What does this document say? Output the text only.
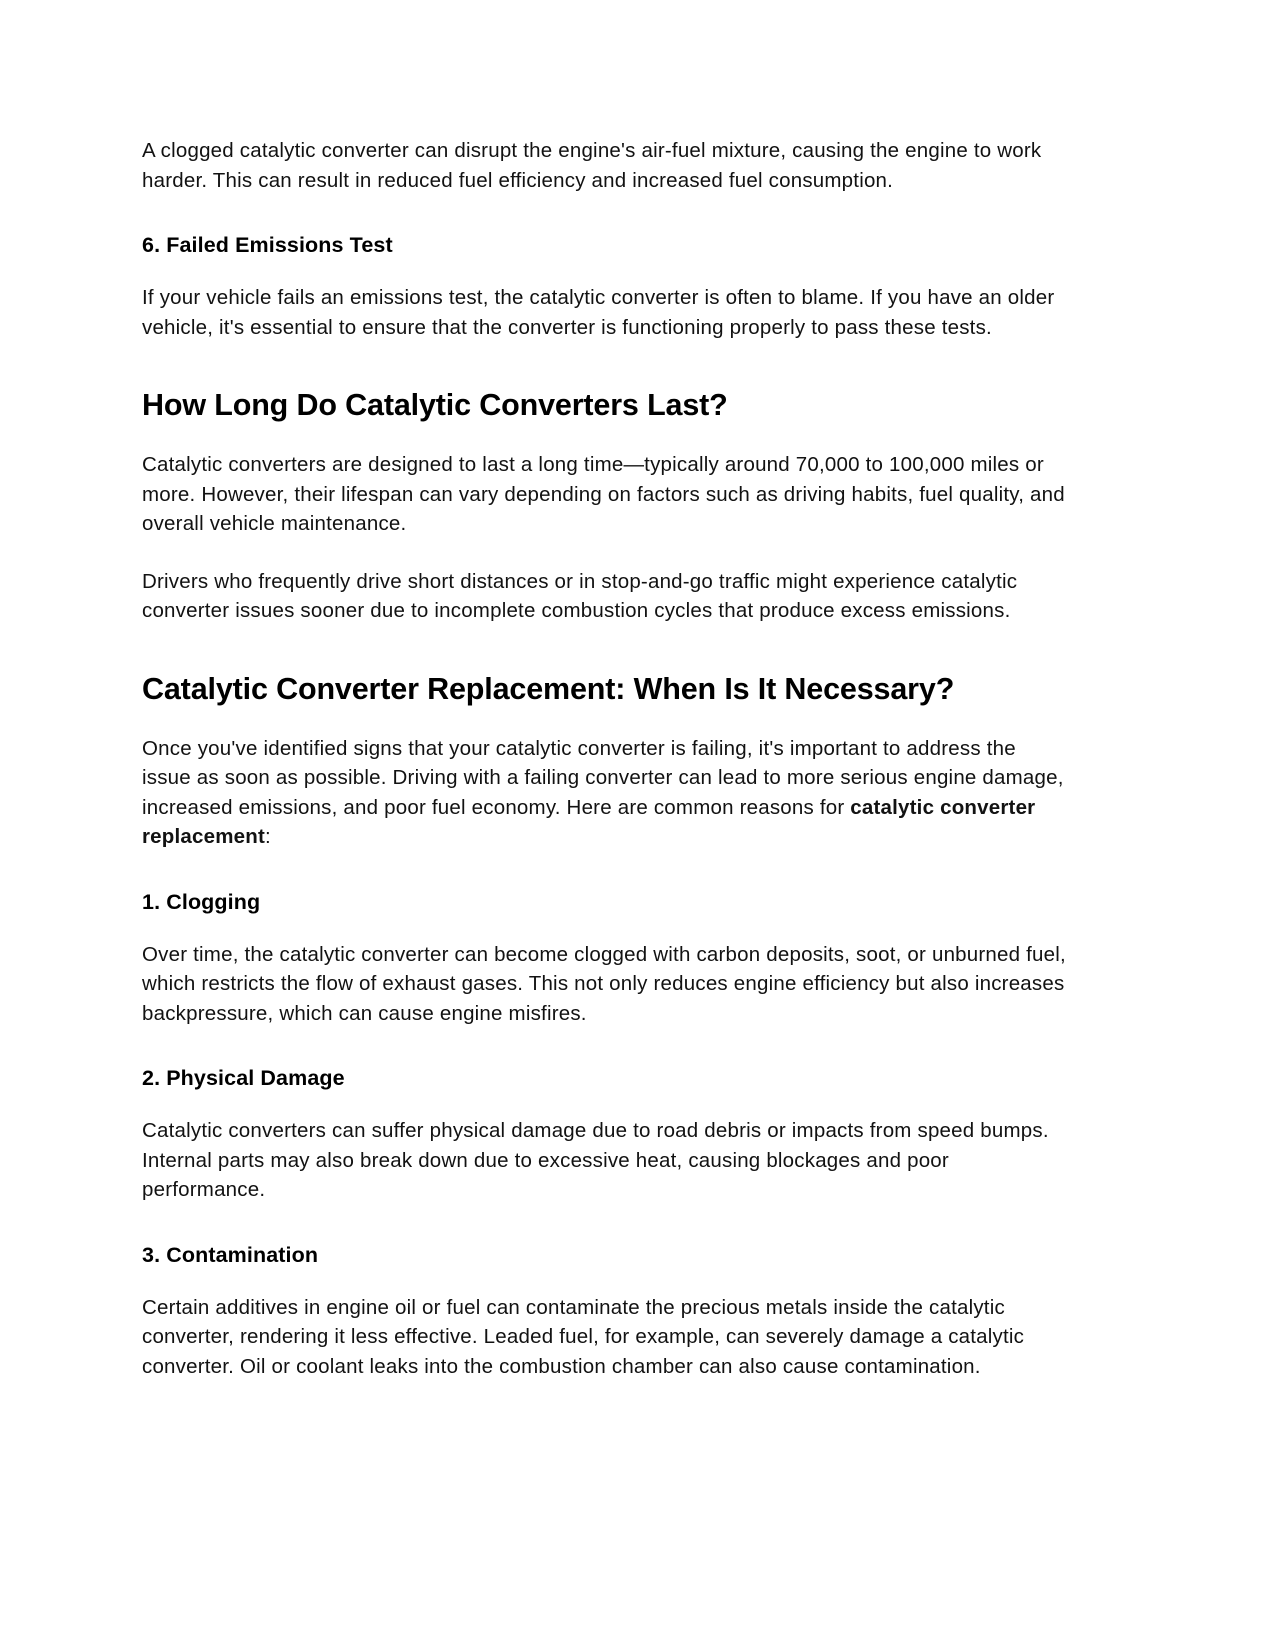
A clogged catalytic converter can disrupt the engine's air-fuel mixture, causing the engine to work harder. This can result in reduced fuel efficiency and increased fuel consumption.

6. Failed Emissions Test

If your vehicle fails an emissions test, the catalytic converter is often to blame. If you have an older vehicle, it's essential to ensure that the converter is functioning properly to pass these tests.

How Long Do Catalytic Converters Last?

Catalytic converters are designed to last a long time—typically around 70,000 to 100,000 miles or more. However, their lifespan can vary depending on factors such as driving habits, fuel quality, and overall vehicle maintenance.

Drivers who frequently drive short distances or in stop-and-go traffic might experience catalytic converter issues sooner due to incomplete combustion cycles that produce excess emissions.

Catalytic Converter Replacement: When Is It Necessary?

Once you've identified signs that your catalytic converter is failing, it's important to address the issue as soon as possible. Driving with a failing converter can lead to more serious engine damage, increased emissions, and poor fuel economy. Here are common reasons for catalytic converter replacement:

1. Clogging

Over time, the catalytic converter can become clogged with carbon deposits, soot, or unburned fuel, which restricts the flow of exhaust gases. This not only reduces engine efficiency but also increases backpressure, which can cause engine misfires.

2. Physical Damage

Catalytic converters can suffer physical damage due to road debris or impacts from speed bumps. Internal parts may also break down due to excessive heat, causing blockages and poor performance.

3. Contamination

Certain additives in engine oil or fuel can contaminate the precious metals inside the catalytic converter, rendering it less effective. Leaded fuel, for example, can severely damage a catalytic converter. Oil or coolant leaks into the combustion chamber can also cause contamination.
